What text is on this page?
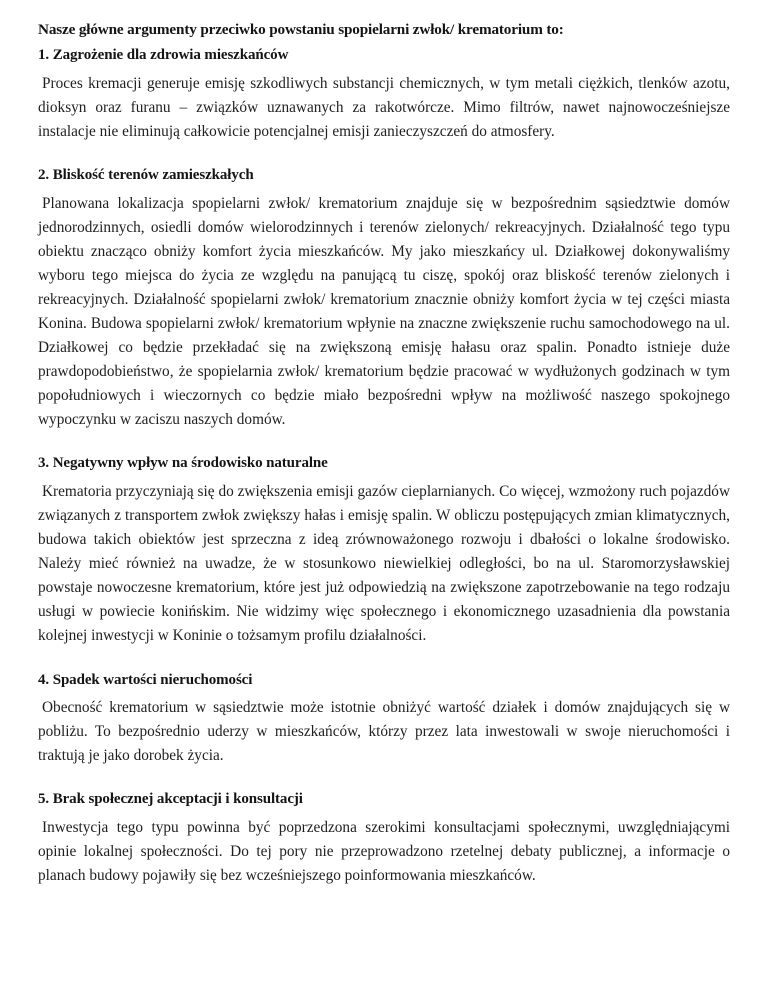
Nasze główne argumenty przeciwko powstaniu spopielarni zwłok/ krematorium to:

1. Zagrożenie dla zdrowia mieszkańców

Proces kremacji generuje emisję szkodliwych substancji chemicznych, w tym metali ciężkich, tlenków azotu, dioksyn oraz furanu – związków uznawanych za rakotwórcze. Mimo filtrów, nawet najnowocześniejsze instalacje nie eliminują całkowicie potencjalnej emisji zanieczyszczeń do atmosfery.

2. Bliskość terenów zamieszkałych

Planowana lokalizacja spopielarni zwłok/ krematorium znajduje się w bezpośrednim sąsiedztwie domów jednorodzinnych, osiedli domów wielorodzinnych i terenów zielonych/ rekreacyjnych. Działalność tego typu obiektu znacząco obniży komfort życia mieszkańców. My jako mieszkańcy ul. Działkowej dokonywaliśmy wyboru tego miejsca do życia ze względu na panującą tu ciszę, spokój oraz bliskość terenów zielonych i rekreacyjnych. Działalność spopielarni zwłok/ krematorium znacznie obniży komfort życia w tej części miasta Konina. Budowa spopielarni zwłok/ krematorium wpłynie na znaczne zwiększenie ruchu samochodowego na ul. Działkowej co będzie przekładać się na zwiększoną emisję hałasu oraz spalin. Ponadto istnieje duże prawdopodobieństwo, że spopielarnia zwłok/ krematorium będzie pracować w wydłużonych godzinach w tym popołudniowych i wieczornych co będzie miało bezpośredni wpływ na możliwość naszego spokojnego wypoczynku w zaciszu naszych domów.

3. Negatywny wpływ na środowisko naturalne

Krematoria przyczyniają się do zwiększenia emisji gazów cieplarnianych. Co więcej, wzmożony ruch pojazdów związanych z transportem zwłok zwiększy hałas i emisję spalin. W obliczu postępujących zmian klimatycznych, budowa takich obiektów jest sprzeczna z ideą zrównoważonego rozwoju i dbałości o lokalne środowisko. Należy mieć również na uwadze, że w stosunkowo niewielkiej odległości, bo na ul. Staromorzysławskiej powstaje nowoczesne krematorium, które jest już odpowiedzią na zwiększone zapotrzebowanie na tego rodzaju usługi w powiecie konińskim. Nie widzimy więc społecznego i ekonomicznego uzasadnienia dla powstania kolejnej inwestycji w Koninie o tożsamym profilu działalności.

4. Spadek wartości nieruchomości

Obecność krematorium w sąsiedztwie może istotnie obniżyć wartość działek i domów znajdujących się w pobliżu. To bezpośrednio uderzy w mieszkańców, którzy przez lata inwestowali w swoje nieruchomości i traktują je jako dorobek życia.

5. Brak społecznej akceptacji i konsultacji

Inwestycja tego typu powinna być poprzedzona szerokimi konsultacjami społecznymi, uwzględniającymi opinie lokalnej społeczności. Do tej pory nie przeprowadzono rzetelnej debaty publicznej, a informacje o planach budowy pojawiły się bez wcześniejszego poinformowania mieszkańców.
